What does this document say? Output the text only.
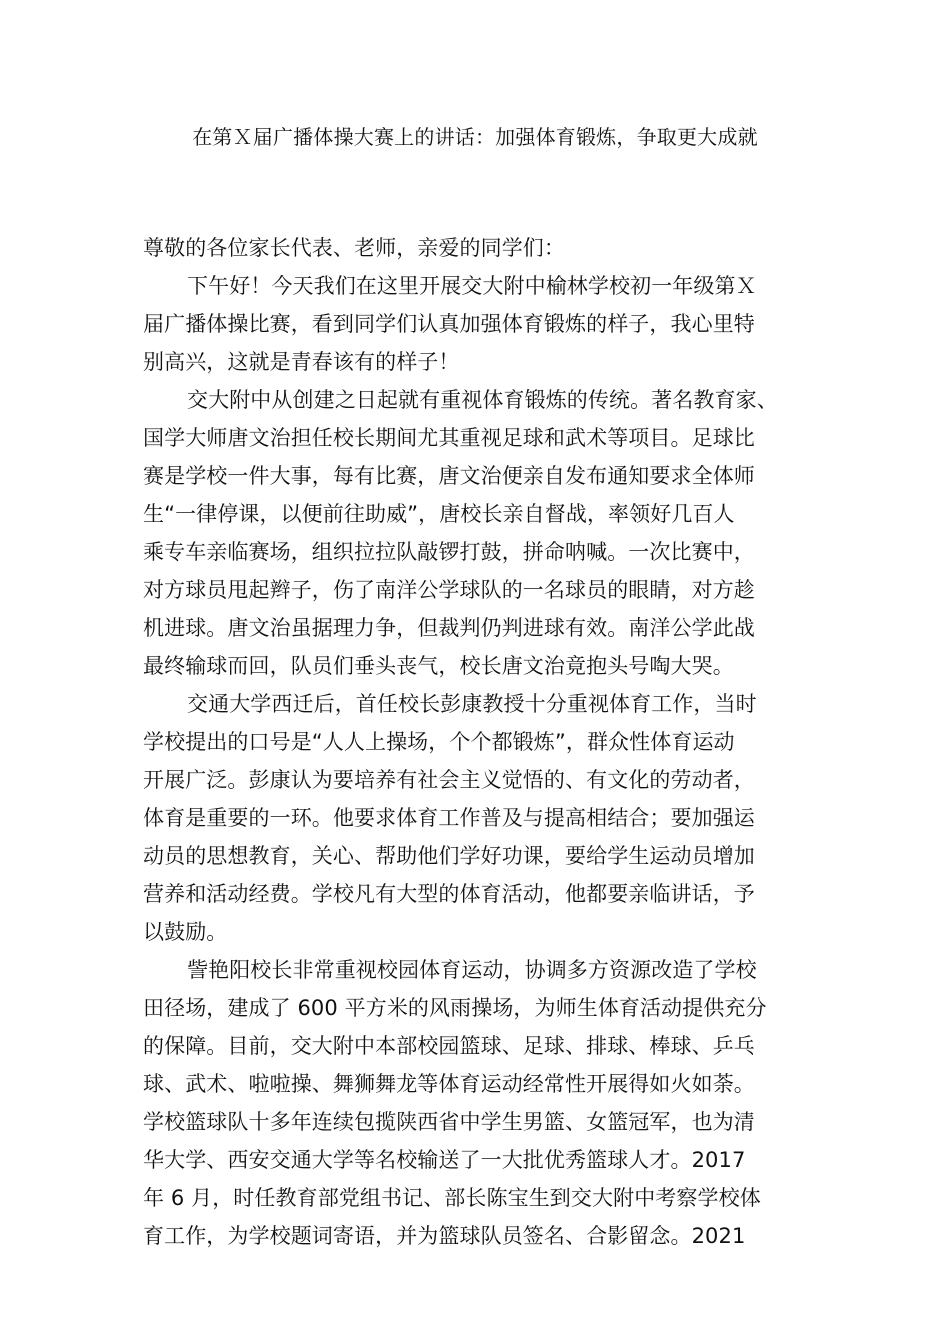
在第Ｘ届广播体操大赛上的讲话：加强体育锻炼，争取更大成就
尊敬的各位家长代表、老师，亲爱的同学们：
下午好！今天我们在这里开展交大附中榆林学校初一年级第Ｘ
届广播体操比赛，看到同学们认真加强体育锻炼的样子，我心里特
别高兴，这就是青春该有的样子！
交大附中从创建之日起就有重视体育锻炼的传统。著名教育家、
国学大师唐文治担任校长期间尤其重视足球和武术等项目。足球比
赛是学校一件大事，每有比赛，唐文治便亲自发布通知要求全体师
生“一律停课，以便前往助威”，唐校长亲自督战，率领好几百人
乘专车亲临赛场，组织拉拉队敲锣打鼓，拼命呐喊。一次比赛中，
对方球员甩起辫子，伤了南洋公学球队的一名球员的眼睛，对方趁
机进球。唐文治虽据理力争，但裁判仍判进球有效。南洋公学此战
最终输球而回，队员们垂头丧气，校长唐文治竟抱头号啕大哭。
交通大学西迁后，首任校长彭康教授十分重视体育工作，当时
学校提出的口号是“人人上操场，个个都锻炼”，群众性体育运动
开展广泛。彭康认为要培养有社会主义觉悟的、有文化的劳动者，
体育是重要的一环。他要求体育工作普及与提高相结合；要加强运
动员的思想教育，关心、帮助他们学好功课，要给学生运动员增加
营养和活动经费。学校凡有大型的体育活动，他都要亲临讲话，予
以鼓励。
訾艳阳校长非常重视校园体育运动，协调多方资源改造了学校
田径场，建成了 600 平方米的风雨操场，为师生体育活动提供充分
的保障。目前，交大附中本部校园篮球、足球、排球、棒球、乒乓
球、武术、啦啦操、舞狮舞龙等体育运动经常性开展得如火如荼。
学校篮球队十多年连续包揽陕西省中学生男篮、女篮冠军，也为清
华大学、西安交通大学等名校输送了一大批优秀篮球人才。2017
年 6 月，时任教育部党组书记、部长陈宝生到交大附中考察学校体
育工作，为学校题词寄语，并为篮球队员签名、合影留念。2021
